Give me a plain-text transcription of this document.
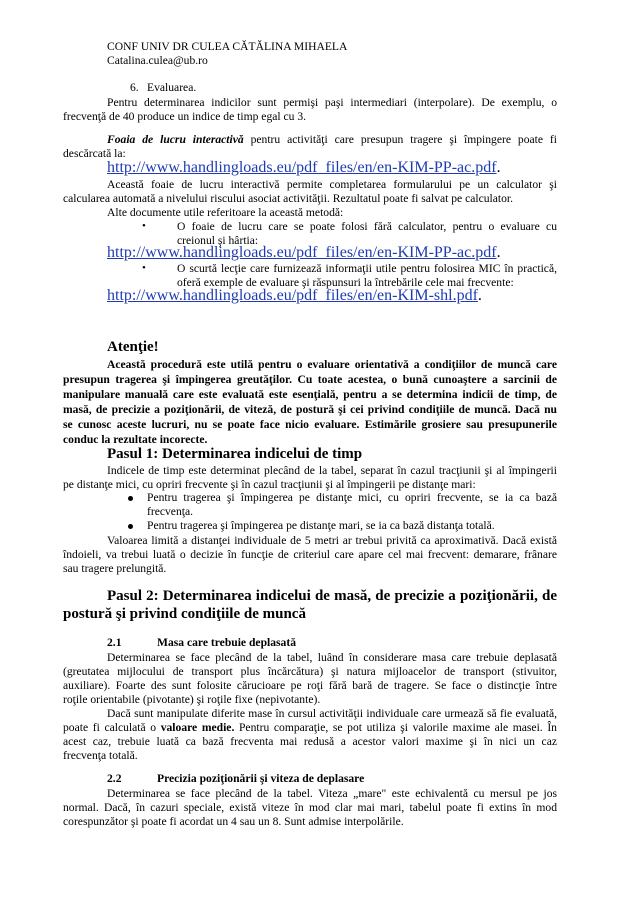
CONF UNIV DR CULEA CĂTĂLINA MIHAELA
Catalina.culea@ub.ro
6. Evaluarea.
Pentru determinarea indicilor sunt permişi paşi intermediari (interpolare). De exemplu, o
frecvenţă de 40 produce un indice de timp egal cu 3.
Foaia de lucru interactivă pentru activităţi care presupun tragere şi împingere poate fi
descărcată la:
http://www.handlingloads.eu/pdf_files/en/en-KIM-PP-ac.pdf.
Această foaie de lucru interactivă permite completarea formularului pe un calculator şi
calcularea automată a nivelului riscului asociat activităţii. Rezultatul poate fi salvat pe calculator.
Alte documente utile referitoare la această metodă:
•	O foaie de lucru care se poate folosi fără calculator, pentru o evaluare cu
creionul şi hârtia:
http://www.handlingloads.eu/pdf_files/en/en-KIM-PP-ac.pdf.
•	O scurtă lecţie care furnizează informaţii utile pentru folosirea MIC în practică,
oferă exemple de evaluare şi răspunsuri la întrebările cele mai frecvente:
http://www.handlingloads.eu/pdf_files/en/en-KIM-shl.pdf.
Atenţie!
Această procedură este utilă pentru o evaluare orientativă a condiţiilor de muncă care
presupun tragerea şi împingerea greutăţilor. Cu toate acestea, o bună cunoaştere a sarcinii de
manipulare manuală care este evaluată este esenţială, pentru a se determina indicii de timp, de
masă, de precizie a poziţionării, de viteză, de postură şi cei privind condiţiile de muncă. Dacă nu
se cunosc aceste lucruri, nu se poate face nicio evaluare. Estimările grosiere sau presupunerile
conduc la rezultate incorecte.
Pasul 1: Determinarea indicelui de timp
Indicele de timp este determinat plecând de la tabel, separat în cazul tracţiunii şi al împingerii
pe distanţe mici, cu opriri frecvente şi în cazul tracţiunii şi al împingerii pe distanţe mari:
Pentru tragerea şi împingerea pe distanţe mici, cu opriri frecvente, se ia ca bază
frecvenţa.
Pentru tragerea şi împingerea pe distanţe mari, se ia ca bază distanţa totală.
Valoarea limită a distanţei individuale de 5 metri ar trebui privită ca aproximativă. Dacă există
îndoieli, va trebui luată o decizie în funcţie de criteriul care apare cel mai frecvent: demarare, frânare
sau tragere prelungită.
Pasul 2: Determinarea indicelui de masă, de precizie a poziţionării, de
postură şi privind condiţiile de muncă
2.1	Masa care trebuie deplasată
Determinarea se face plecând de la tabel, luând în considerare masa care trebuie deplasată
(greutatea mijlocului de transport plus încărcătura) şi natura mijloacelor de transport (stivuitor,
auxiliare). Foarte des sunt folosite cărucioare pe roţi fără bară de tragere. Se face o distincţie între
roţile orientabile (pivotante) şi roţile fixe (nepivotante).
Dacă sunt manipulate diferite mase în cursul activităţii individuale care urmează să fie evaluată,
poate fi calculată o valoare medie. Pentru comparaţie, se pot utiliza şi valorile maxime ale masei. În
acest caz, trebuie luată ca bază frecventa mai redusă a acestor valori maxime şi în nici un caz
frecvenţa totală.
2.2	Precizia poziţionării şi viteza de deplasare
Determinarea se face plecând de la tabel. Viteza „mare" este echivalentă cu mersul pe jos
normal. Dacă, în cazuri speciale, există viteze în mod clar mai mari, tabelul poate fi extins în mod
corespunzător şi poate fi acordat un 4 sau un 8. Sunt admise interpolările.
